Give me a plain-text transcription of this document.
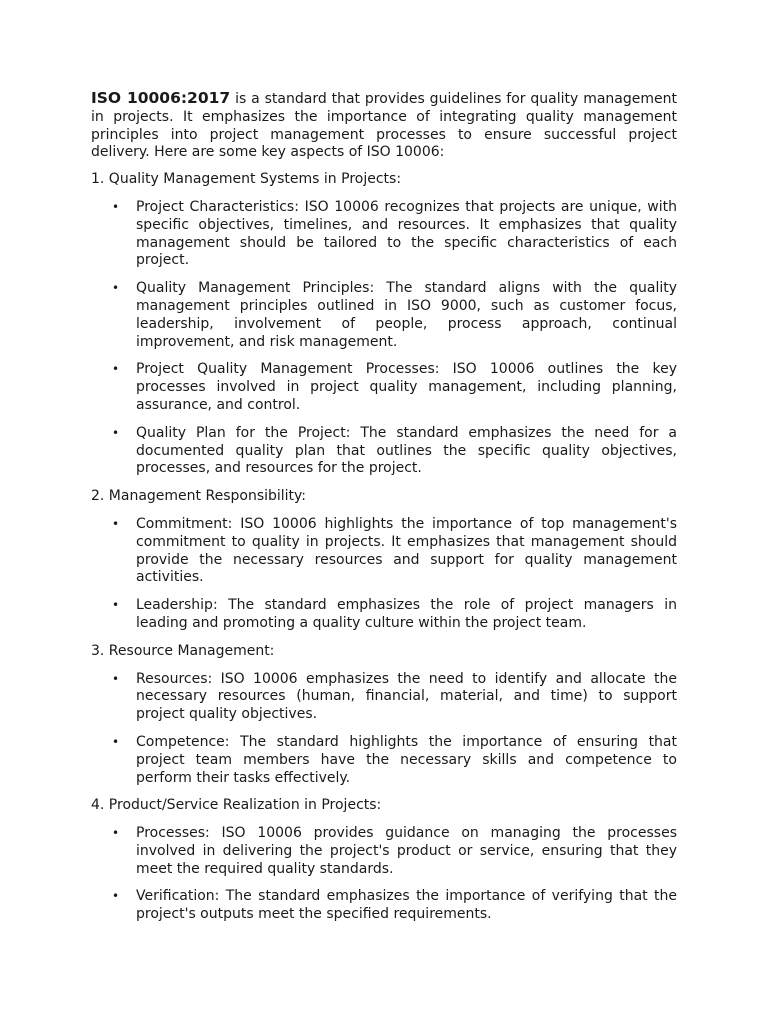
ISO 10006:2017 is a standard that provides guidelines for quality management in projects. It emphasizes the importance of integrating quality management principles into project management processes to ensure successful project delivery. Here are some key aspects of ISO 10006:

1. Quality Management Systems in Projects:

• Project Characteristics: ISO 10006 recognizes that projects are unique, with specific objectives, timelines, and resources. It emphasizes that quality management should be tailored to the specific characteristics of each project.
• Quality Management Principles: The standard aligns with the quality management principles outlined in ISO 9000, such as customer focus, leadership, involvement of people, process approach, continual improvement, and risk management.
• Project Quality Management Processes: ISO 10006 outlines the key processes involved in project quality management, including planning, assurance, and control.
• Quality Plan for the Project: The standard emphasizes the need for a documented quality plan that outlines the specific quality objectives, processes, and resources for the project.

2. Management Responsibility:

• Commitment: ISO 10006 highlights the importance of top management's commitment to quality in projects. It emphasizes that management should provide the necessary resources and support for quality management activities.
• Leadership: The standard emphasizes the role of project managers in leading and promoting a quality culture within the project team.

3. Resource Management:

• Resources: ISO 10006 emphasizes the need to identify and allocate the necessary resources (human, financial, material, and time) to support project quality objectives.
• Competence: The standard highlights the importance of ensuring that project team members have the necessary skills and competence to perform their tasks effectively.

4. Product/Service Realization in Projects:

• Processes: ISO 10006 provides guidance on managing the processes involved in delivering the project's product or service, ensuring that they meet the required quality standards.
• Verification: The standard emphasizes the importance of verifying that the project's outputs meet the specified requirements.
